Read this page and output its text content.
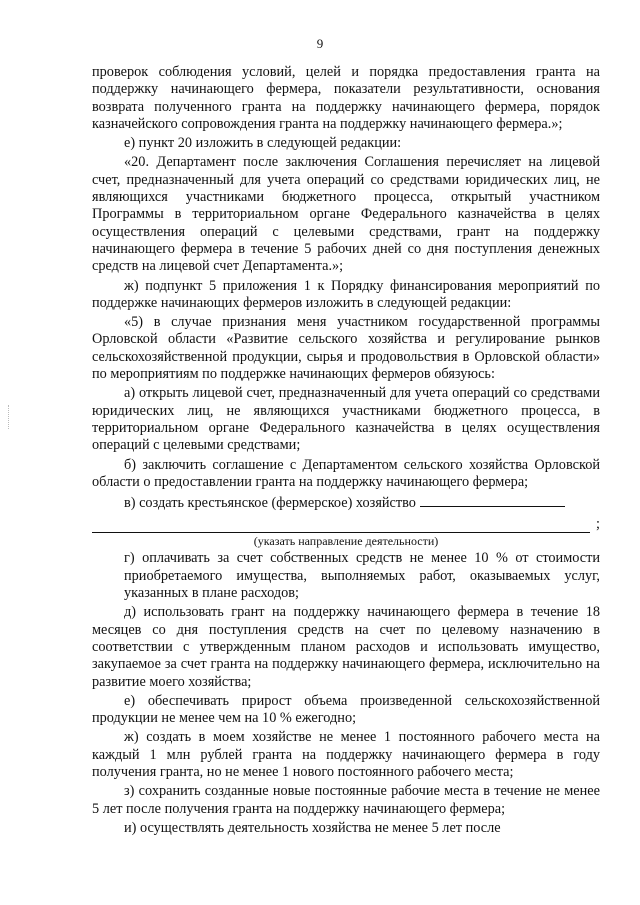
9

проверок соблюдения условий, целей и порядка предоставления гранта на поддержку начинающего фермера, показатели результативности, основания возврата полученного гранта на поддержку начинающего фермера, порядок казначейского сопровождения гранта на поддержку начинающего фермера.»;

е) пункт 20 изложить в следующей редакции:

«20. Департамент после заключения Соглашения перечисляет на лицевой счет, предназначенный для учета операций со средствами юридических лиц, не являющихся участниками бюджетного процесса, открытый участником Программы в территориальном органе Федерального казначейства в целях осуществления операций с целевыми средствами, грант на поддержку начинающего фермера в течение 5 рабочих дней со дня поступления денежных средств на лицевой счет Департамента.»;

ж) подпункт 5 приложения 1 к Порядку финансирования мероприятий по поддержке начинающих фермеров изложить в следующей редакции:

«5) в случае признания меня участником государственной программы Орловской области «Развитие сельского хозяйства и регулирование рынков сельскохозяйственной продукции, сырья и продовольствия в Орловской области» по мероприятиям по поддержке начинающих фермеров обязуюсь:

а) открыть лицевой счет, предназначенный для учета операций со средствами юридических лиц, не являющихся участниками бюджетного процесса, в территориальном органе Федерального казначейства в целях осуществления операций с целевыми средствами;

б) заключить соглашение с Департаментом сельского хозяйства Орловской области о предоставлении гранта на поддержку начинающего фермера;

в) создать крестьянское (фермерское) хозяйство

;
(указать направление деятельности)

г) оплачивать за счет собственных средств не менее 10 % от стоимости приобретаемого имущества, выполняемых работ, оказываемых услуг, указанных в плане расходов;

д) использовать грант на поддержку начинающего фермера в течение 18 месяцев со дня поступления средств на счет по целевому назначению в соответствии с утвержденным планом расходов и использовать имущество, закупаемое за счет гранта на поддержку начинающего фермера, исключительно на развитие моего хозяйства;

е) обеспечивать прирост объема произведенной сельскохозяйственной продукции не менее чем на 10 % ежегодно;

ж) создать в моем хозяйстве не менее 1 постоянного рабочего места на каждый 1 млн рублей гранта на поддержку начинающего фермера в году получения гранта, но не менее 1 нового постоянного рабочего места;

з) сохранить созданные новые постоянные рабочие места в течение не менее 5 лет после получения гранта на поддержку начинающего фермера;

и) осуществлять деятельность хозяйства не менее 5 лет после
